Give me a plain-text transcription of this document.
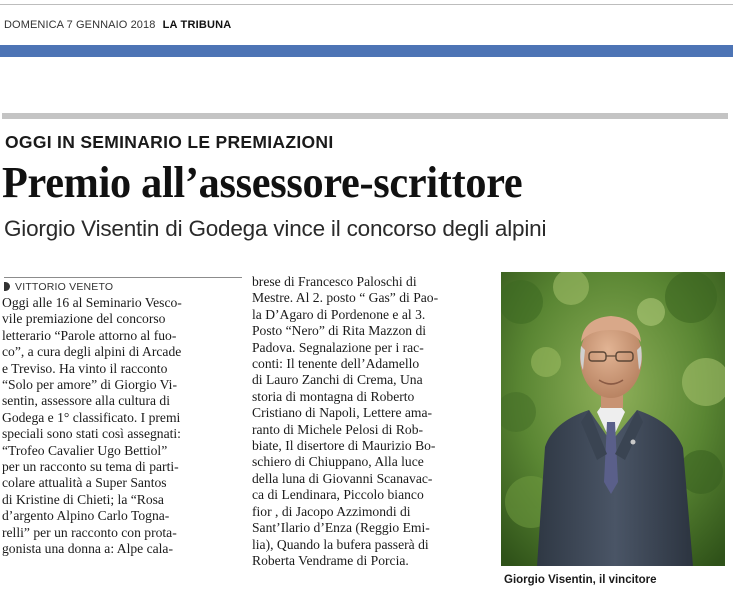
DOMENICA 7 GENNAIO 2018 LA TRIBUNA
OGGI IN SEMINARIO LE PREMIAZIONI
Premio all’assessore-scrittore
Giorgio Visentin di Godega vince il concorso degli alpini
VITTORIO VENETO

Oggi alle 16 al Seminario Vesco-

vile premiazione del concorso

letterario “Parole attorno al fuo-

co”, a cura degli alpini di Arcade

e Treviso. Ha vinto il racconto

“Solo per amore” di Giorgio Vi-

sentin, assessore alla cultura di

Godega e 1° classificato. I premi

speciali sono stati così assegnati:

“Trofeo Cavalier Ugo Bettiol”

per un racconto su tema di parti-

colare attualità a Super Santos

di Kristine di Chieti; la “Rosa

d’argento Alpino Carlo Togna-

relli” per un racconto con prota-

gonista una donna a: Alpe cala-

brese di Francesco Paloschi di

Mestre. Al 2. posto “ Gas” di Pao-

la D’Agaro di Pordenone e al 3.

Posto “Nero” di Rita Mazzon di

Padova. Segnalazione per i rac-

conti: Il tenente dell’Adamello

di Lauro Zanchi di Crema, Una

storia di montagna di Roberto

Cristiano di Napoli, Lettere ama-

ranto di Michele Pelosi di Rob-

biate, Il disertore di Maurizio Bo-

schiero di Chiuppano, Alla luce

della luna di Giovanni Scanavac-

ca di Lendinara, Piccolo bianco

fior , di Jacopo Azzimondi di

Sant’Ilario d’Enza (Reggio Emi-

lia), Quando la bufera passerà di

Roberta Vendrame di Porcia.

Giorgio Visentin, il vincitore
